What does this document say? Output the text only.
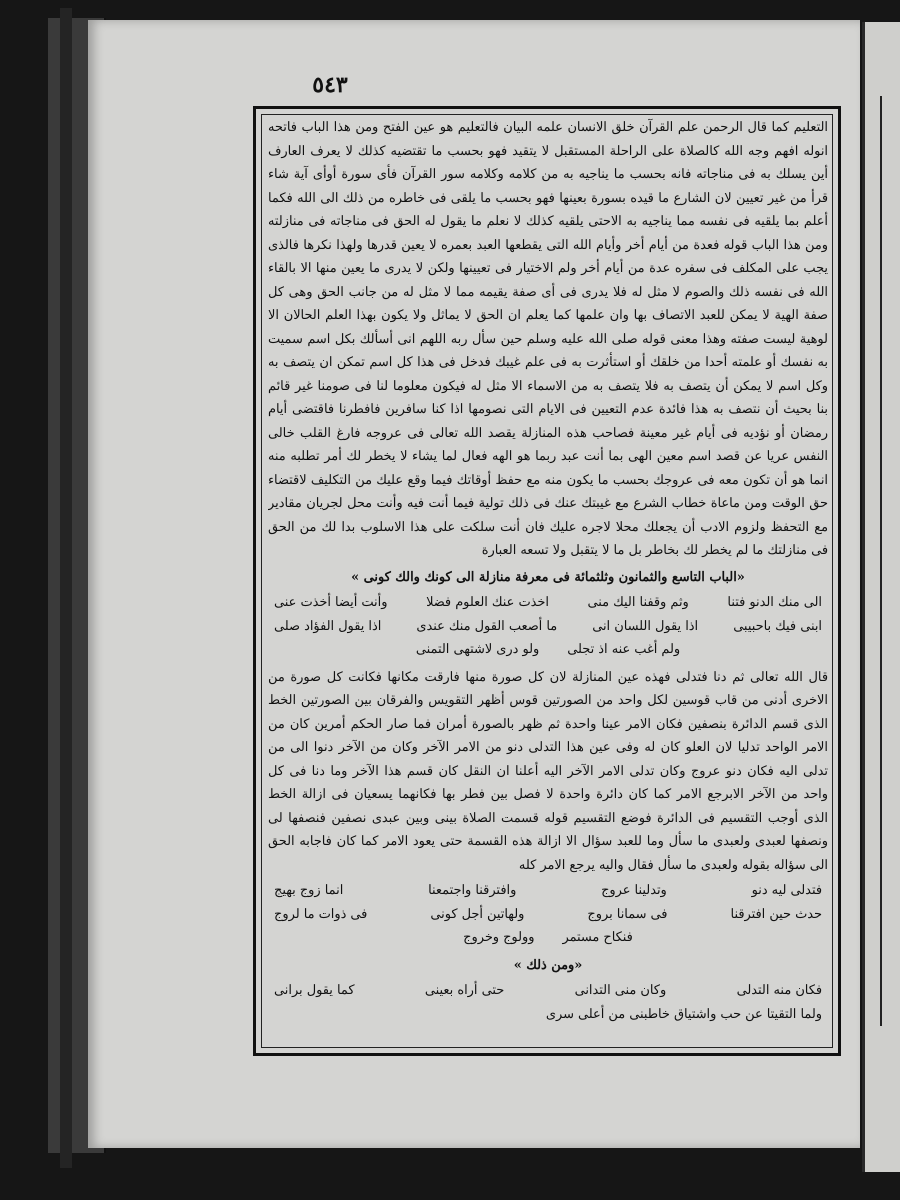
٥٤٣

التعليم كما قال الرحمن علم القرآن خلق الانسان علمه البيان فالتعليم هو عين الفتح ومن هذا الباب فاتحه انوله افهم وجه الله كالصلاة على الراحلة المستقبل لا يتقيد فهو بحسب ما تقتضيه كذلك لا يعرف العارف أين يسلك به فى مناجاته فانه بحسب ما يناجيه به من كلامه وكلامه سور القرآن فأى سورة أوأى آية شاء قرأ من غير تعيين لان الشارع ما قيده بسورة بعينها فهو بحسب ما يلقى فى خاطره من ذلك الى الله فكما أعلم بما يلقيه فى نفسه مما يناجيه به الاحتى يلقيه كذلك لا نعلم ما يقول له الحق فى مناجاته فى منازلته ومن هذا الباب قوله فعدة من أيام أخر وأيام الله التى يقطعها العبد بعمره لا يعين قدرها ولهذا نكرها فالذى يجب على المكلف فى سفره عدة من أيام أخر ولم الاختيار فى تعيينها ولكن لا يدرى ما يعين منها الا بالقاء الله فى نفسه ذلك والصوم لا مثل له فلا يدرى فى أى صفة يقيمه مما لا مثل له من جانب الحق وهى كل صفة الهية لا يمكن للعبد الاتصاف بها وان علمها كما يعلم ان الحق لا يماثل ولا يكون بهذا العلم الحالان الا لوهية ليست صفته وهذا معنى قوله صلى الله عليه وسلم حين سأل ربه اللهم انى أسألك بكل اسم سميت به نفسك أو علمته أحدا من خلقك أو استأثرت به فى علم غيبك فدخل فى هذا كل اسم تمكن ان يتصف به وكل اسم لا يمكن أن يتصف به فلا يتصف به من الاسماء الا مثل له فيكون معلوما لنا فى صومنا غير قائم بنا بحيث أن نتصف به هذا فائدة عدم التعيين فى الايام التى نصومها اذا كنا سافرين فافطرنا فاقتضى أيام رمضان أو نؤديه فى أيام غير معينة فصاحب هذه المنازلة يقصد الله تعالى فى عروجه فارغ القلب خالى النفس عريا عن قصد اسم معين الهى بما أنت عبد ربما هو الهه فعال لما يشاء لا يخطر لك أمر تطلبه منه انما هو أن تكون معه فى عروجك بحسب ما يكون منه مع حفظ أوقاتك فيما وقع عليك من التكليف لاقتضاء حق الوقت ومن ماعاة خطاب الشرع مع غيبتك عنك فى ذلك تولية فيما أنت فيه وأنت محل لجريان مقادير مع التحفظ ولزوم الادب أن يجعلك محلا لاجره عليك فان أنت سلكت على هذا الاسلوب بدا لك من الحق فى منازلتك ما لم يخطر لك بخاطر بل ما لا يتقبل ولا تسعه العبارة

« الباب التاسع والثمانون وثلثمائة فى معرفة منازلة الى كونك والك كونى »
الى منك الدنو فتنا
وثم وقفنا اليك منى
اخذت عنك العلوم فضلا
وأنت أيضا أخذت عنى
ابنى فيك باحبيبى
اذا يقول اللسان انى
ما أصعب القول منك عندى
اذا يقول الفؤاد صلى
ولم أغب عنه اذ تجلى
ولو درى لاشتهى التمنى

قال الله تعالى ثم دنا فتدلى فهذه عين المنازلة لان كل صورة منها فارقت مكانها فكانت كل صورة من الاخرى أدنى من قاب قوسين لكل واحد من الصورتين قوس أظهر التقويس والفرقان بين الصورتين الخط الذى قسم الدائرة بنصفين فكان الامر عينا واحدة ثم ظهر بالصورة أمران فما صار الحكم أمرين كان من الامر الواحد تدليا لان العلو كان له وفى عين هذا التدلى دنو من الامر الآخر وكان من الآخر دنوا الى من تدلى اليه فكان دنو عروج وكان تدلى الامر الآخر اليه أعلنا ان النقل كان قسم هذا الآخر وما دنا فى كل واحد من الآخر الابرجع الامر كما كان دائرة واحدة لا فصل بين فطر بها فكانهما يسعيان فى ازالة الخط الذى أوجب التقسيم فى الدائرة فوضع التقسيم قوله قسمت الصلاة بينى وبين عبدى نصفين فنصفها لى ونصفها لعبدى ولعبدى ما سأل وما للعبد سؤال الا ازالة هذه القسمة حتى يعود الامر كما كان فاجابه الحق الى سؤاله بقوله ولعبدى ما سأل فقال واليه يرجع الامر كله

فتدلى ليه دنو
وتدلينا عروج
وافترقنا واجتمعنا
انما زوج بهيج
حدث حين افترقنا
فى سمانا بروج
ولهاتين أجل كونى
فى ذوات ما لروج
فنكاح مستمر
وولوج وخروج
« ومن ذلك »
فكان منه التدلى
وكان منى التدانى
حتى أراه بعينى
كما يقول برانى
ولما التقيتا عن حب واشتياق خاطبنى من أعلى سرى
